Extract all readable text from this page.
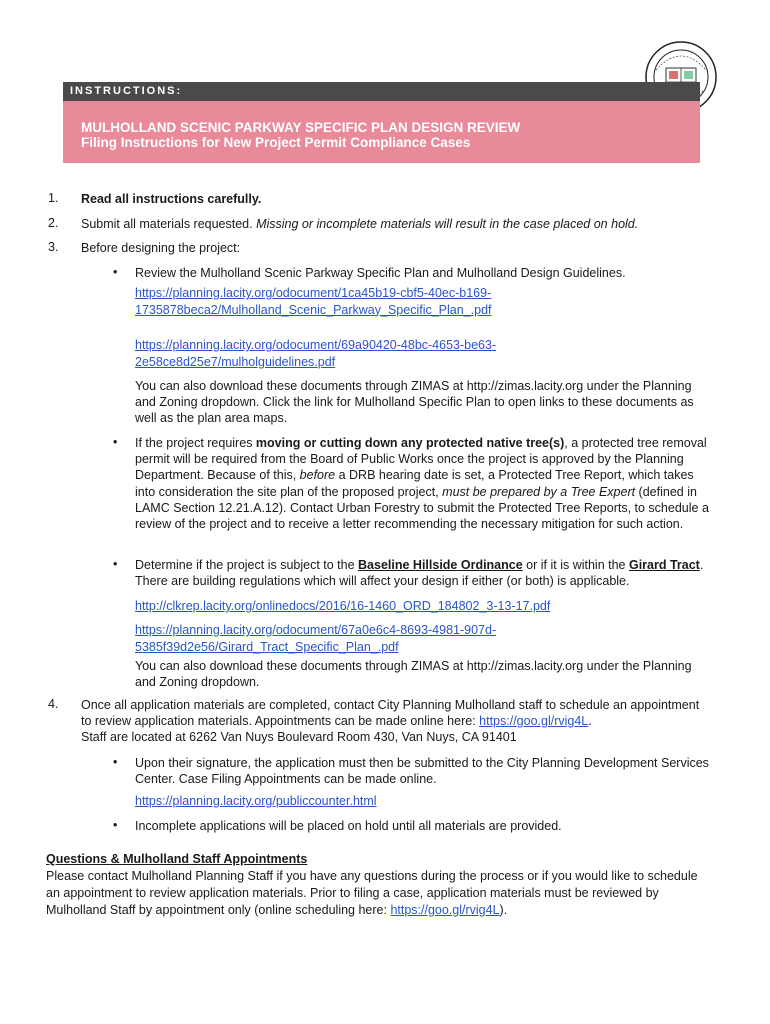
INSTRUCTIONS:
MULHOLLAND SCENIC PARKWAY SPECIFIC PLAN DESIGN REVIEW
Filing Instructions for New Project Permit Compliance Cases
1. Read all instructions carefully.
2. Submit all materials requested. Missing or incomplete materials will result in the case placed on hold.
3. Before designing the project:
• Review the Mulholland Scenic Parkway Specific Plan and Mulholland Design Guidelines.
https://planning.lacity.org/odocument/1ca45b19-cbf5-40ec-b169-
1735878beca2/Mulholland_Scenic_Parkway_Specific_Plan_.pdf
https://planning.lacity.org/odocument/69a90420-48bc-4653-be63-
2e58ce8d25e7/mulholguidelines.pdf
You can also download these documents through ZIMAS at http://zimas.lacity.org under the Planning and Zoning dropdown. Click the link for Mulholland Specific Plan to open links to these documents as well as the plan area maps.
• If the project requires moving or cutting down any protected native tree(s), a protected tree removal permit will be required from the Board of Public Works once the project is approved by the Planning Department. Because of this, before a DRB hearing date is set, a Protected Tree Report, which takes into consideration the site plan of the proposed project, must be prepared by a Tree Expert (defined in LAMC Section 12.21.A.12). Contact Urban Forestry to submit the Protected Tree Reports, to schedule a review of the project and to receive a letter recommending the necessary mitigation for such action.
• Determine if the project is subject to the Baseline Hillside Ordinance or if it is within the Girard Tract. There are building regulations which will affect your design if either (or both) is applicable.
http://clkrep.lacity.org/onlinedocs/2016/16-1460_ORD_184802_3-13-17.pdf
https://planning.lacity.org/odocument/67a0e6c4-8693-4981-907d-
5385f39d2e56/Girard_Tract_Specific_Plan_.pdf
You can also download these documents through ZIMAS at http://zimas.lacity.org under the Planning and Zoning dropdown.
4. Once all application materials are completed, contact City Planning Mulholland staff to schedule an appointment to review application materials. Appointments can be made online here: https://goo.gl/rvig4L.
Staff are located at 6262 Van Nuys Boulevard Room 430, Van Nuys, CA 91401
• Upon their signature, the application must then be submitted to the City Planning Development Services Center. Case Filing Appointments can be made online.
https://planning.lacity.org/publiccounter.html
• Incomplete applications will be placed on hold until all materials are provided.
Questions & Mulholland Staff Appointments
Please contact Mulholland Planning Staff if you have any questions during the process or if you would like to schedule an appointment to review application materials. Prior to filing a case, application materials must be reviewed by Mulholland Staff by appointment only (online scheduling here: https://goo.gl/rvig4L).
